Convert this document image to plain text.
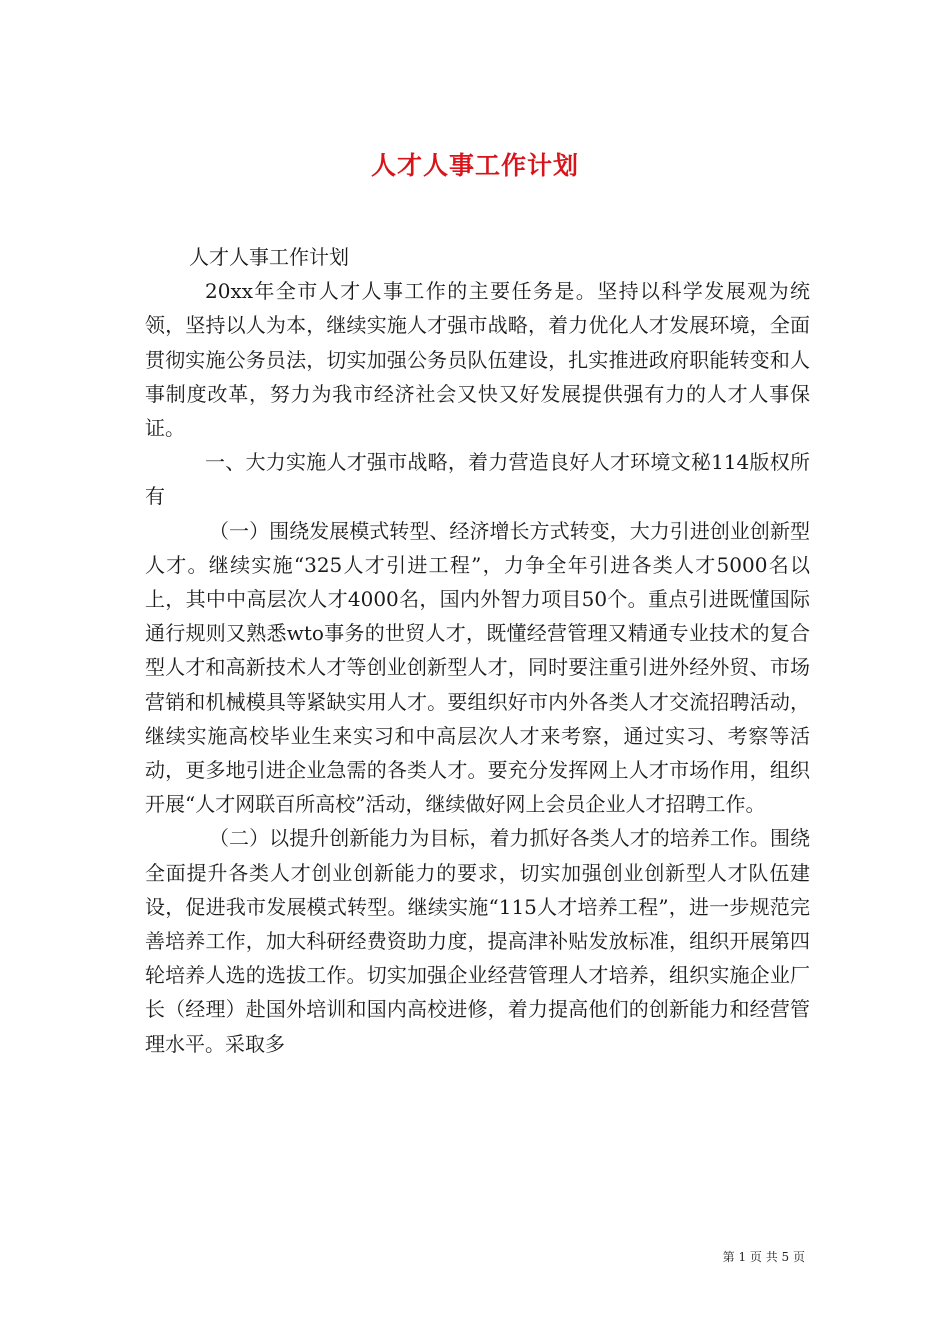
人才人事工作计划

人才人事工作计划

20xx年全市人才人事工作的主要任务是。坚持以科学发展观为统领，坚持以人为本，继续实施人才强市战略，着力优化人才发展环境，全面贯彻实施公务员法，切实加强公务员队伍建设，扎实推进政府职能转变和人事制度改革，努力为我市经济社会又快又好发展提供强有力的人才人事保证。

一、大力实施人才强市战略，着力营造良好人才环境文秘114版权所有

（一）围绕发展模式转型、经济增长方式转变，大力引进创业创新型人才。继续实施“325人才引进工程”，力争全年引进各类人才5000名以上，其中中高层次人才4000名，国内外智力项目50个。重点引进既懂国际通行规则又熟悉wto事务的世贸人才，既懂经营管理又精通专业技术的复合型人才和高新技术人才等创业创新型人才，同时要注重引进外经外贸、市场营销和机械模具等紧缺实用人才。要组织好市内外各类人才交流招聘活动，继续实施高校毕业生来实习和中高层次人才来考察，通过实习、考察等活动，更多地引进企业急需的各类人才。要充分发挥网上人才市场作用，组织开展“人才网联百所高校”活动，继续做好网上会员企业人才招聘工作。

（二）以提升创新能力为目标，着力抓好各类人才的培养工作。围绕全面提升各类人才创业创新能力的要求，切实加强创业创新型人才队伍建设，促进我市发展模式转型。继续实施“115人才培养工程”，进一步规范完善培养工作，加大科研经费资助力度，提高津补贴发放标准，组织开展第四轮培养人选的选拔工作。切实加强企业经营管理人才培养，组织实施企业厂长（经理）赴国外培训和国内高校进修，着力提高他们的创新能力和经营管理水平。采取多

第 1 页 共 5 页
